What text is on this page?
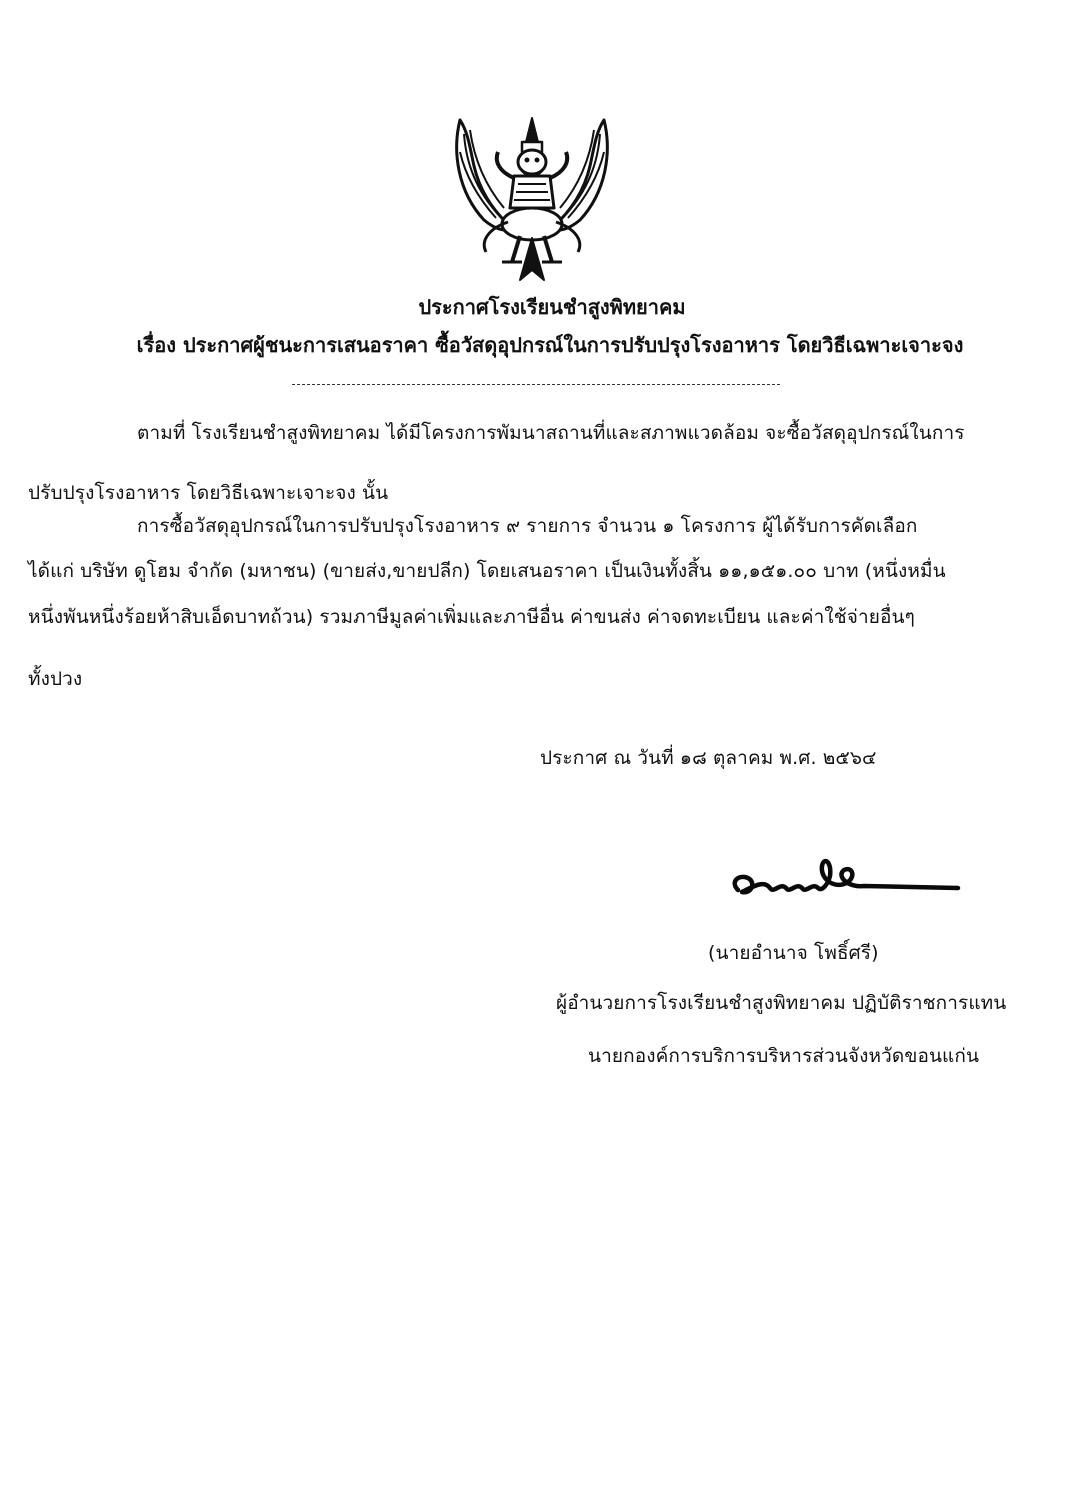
ประกาศโรงเรียนชำสูงพิทยาคม
เรื่อง ประกาศผู้ชนะการเสนอราคา ซื้อวัสดุอุปกรณ์ในการปรับปรุงโรงอาหาร โดยวิธีเฉพาะเจาะจง
ตามที่ โรงเรียนชำสูงพิทยาคม ได้มีโครงการพัมนาสถานที่และสภาพแวดล้อม จะซื้อวัสดุอุปกรณ์ในการ
ปรับปรุงโรงอาหาร โดยวิธีเฉพาะเจาะจง นั้น
การซื้อวัสดุอุปกรณ์ในการปรับปรุงโรงอาหาร ๙ รายการ จำนวน ๑ โครงการ ผู้ได้รับการคัดเลือก
ได้แก่ บริษัท ดูโฮม จำกัด (มหาชน) (ขายส่ง,ขายปลีก) โดยเสนอราคา เป็นเงินทั้งสิ้น ๑๑,๑๕๑.๐๐ บาท (หนึ่งหมื่น
หนึ่งพันหนึ่งร้อยห้าสิบเอ็ดบาทถ้วน) รวมภาษีมูลค่าเพิ่มและภาษีอื่น ค่าขนส่ง ค่าจดทะเบียน และค่าใช้จ่ายอื่นๆ
ทั้งปวง
ประกาศ ณ วันที่ ๑๘ ตุลาคม พ.ศ. ๒๕๖๔
(นายอำนาจ โพธิ์ศรี)
ผู้อำนวยการโรงเรียนชำสูงพิทยาคม ปฏิบัติราชการแทน
นายกองค์การบริการบริหารส่วนจังหวัดขอนแก่น
